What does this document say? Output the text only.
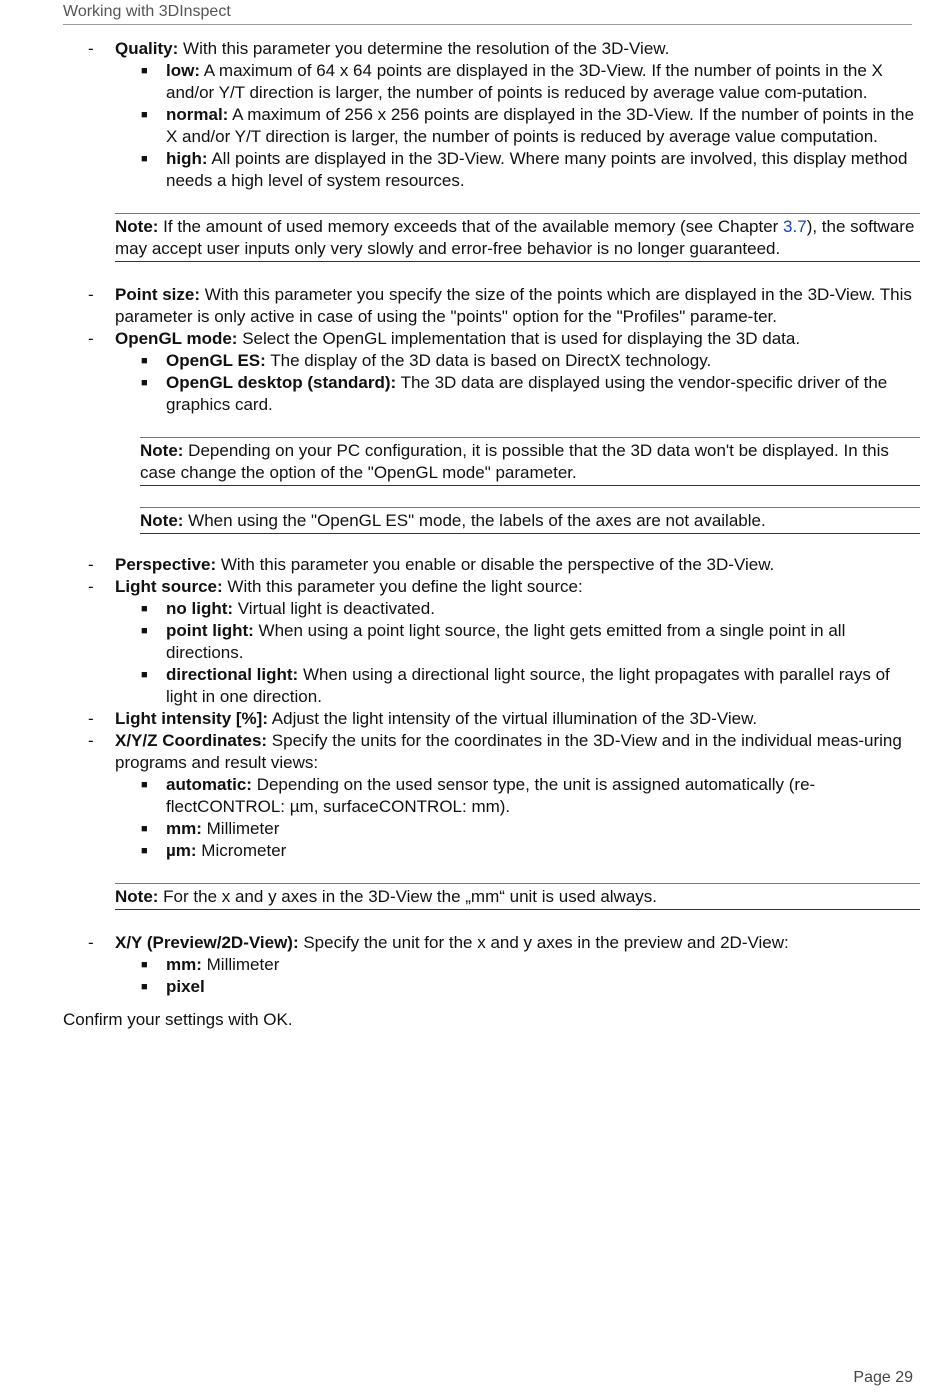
Working with 3DInspect
- Quality: With this parameter you determine the resolution of the 3D-View.
■ low: A maximum of 64 x 64 points are displayed in the 3D-View. If the number of points in the X and/or Y/T direction is larger, the number of points is reduced by average value com-putation.
■ normal: A maximum of 256 x 256 points are displayed in the 3D-View. If the number of points in the X and/or Y/T direction is larger, the number of points is reduced by average value computation.
■ high: All points are displayed in the 3D-View. Where many points are involved, this display method needs a high level of system resources.
Note: If the amount of used memory exceeds that of the available memory (see Chapter 3.7), the software may accept user inputs only very slowly and error-free behavior is no longer guaranteed.
- Point size: With this parameter you specify the size of the points which are displayed in the 3D-View. This parameter is only active in case of using the "points" option for the "Profiles" parame-ter.
- OpenGL mode: Select the OpenGL implementation that is used for displaying the 3D data.
■ OpenGL ES: The display of the 3D data is based on DirectX technology.
■ OpenGL desktop (standard): The 3D data are displayed using the vendor-specific driver of the graphics card.
Note: Depending on your PC configuration, it is possible that the 3D data won't be displayed. In this case change the option of the "OpenGL mode" parameter.
Note: When using the "OpenGL ES" mode, the labels of the axes are not available.
- Perspective: With this parameter you enable or disable the perspective of the 3D-View.
- Light source: With this parameter you define the light source:
■ no light: Virtual light is deactivated.
■ point light: When using a point light source, the light gets emitted from a single point in all directions.
■ directional light: When using a directional light source, the light propagates with parallel rays of light in one direction.
- Light intensity [%]: Adjust the light intensity of the virtual illumination of the 3D-View.
- X/Y/Z Coordinates: Specify the units for the coordinates in the 3D-View and in the individual meas-uring programs and result views:
■ automatic: Depending on the used sensor type, the unit is assigned automatically (re-flectCONTROL: µm, surfaceCONTROL: mm).
■ mm: Millimeter
■ µm: Micrometer
Note: For the x and y axes in the 3D-View the „mm“ unit is used always.
- X/Y (Preview/2D-View): Specify the unit for the x and y axes in the preview and 2D-View:
■ mm: Millimeter
■ pixel
Confirm your settings with OK.
Page 29
